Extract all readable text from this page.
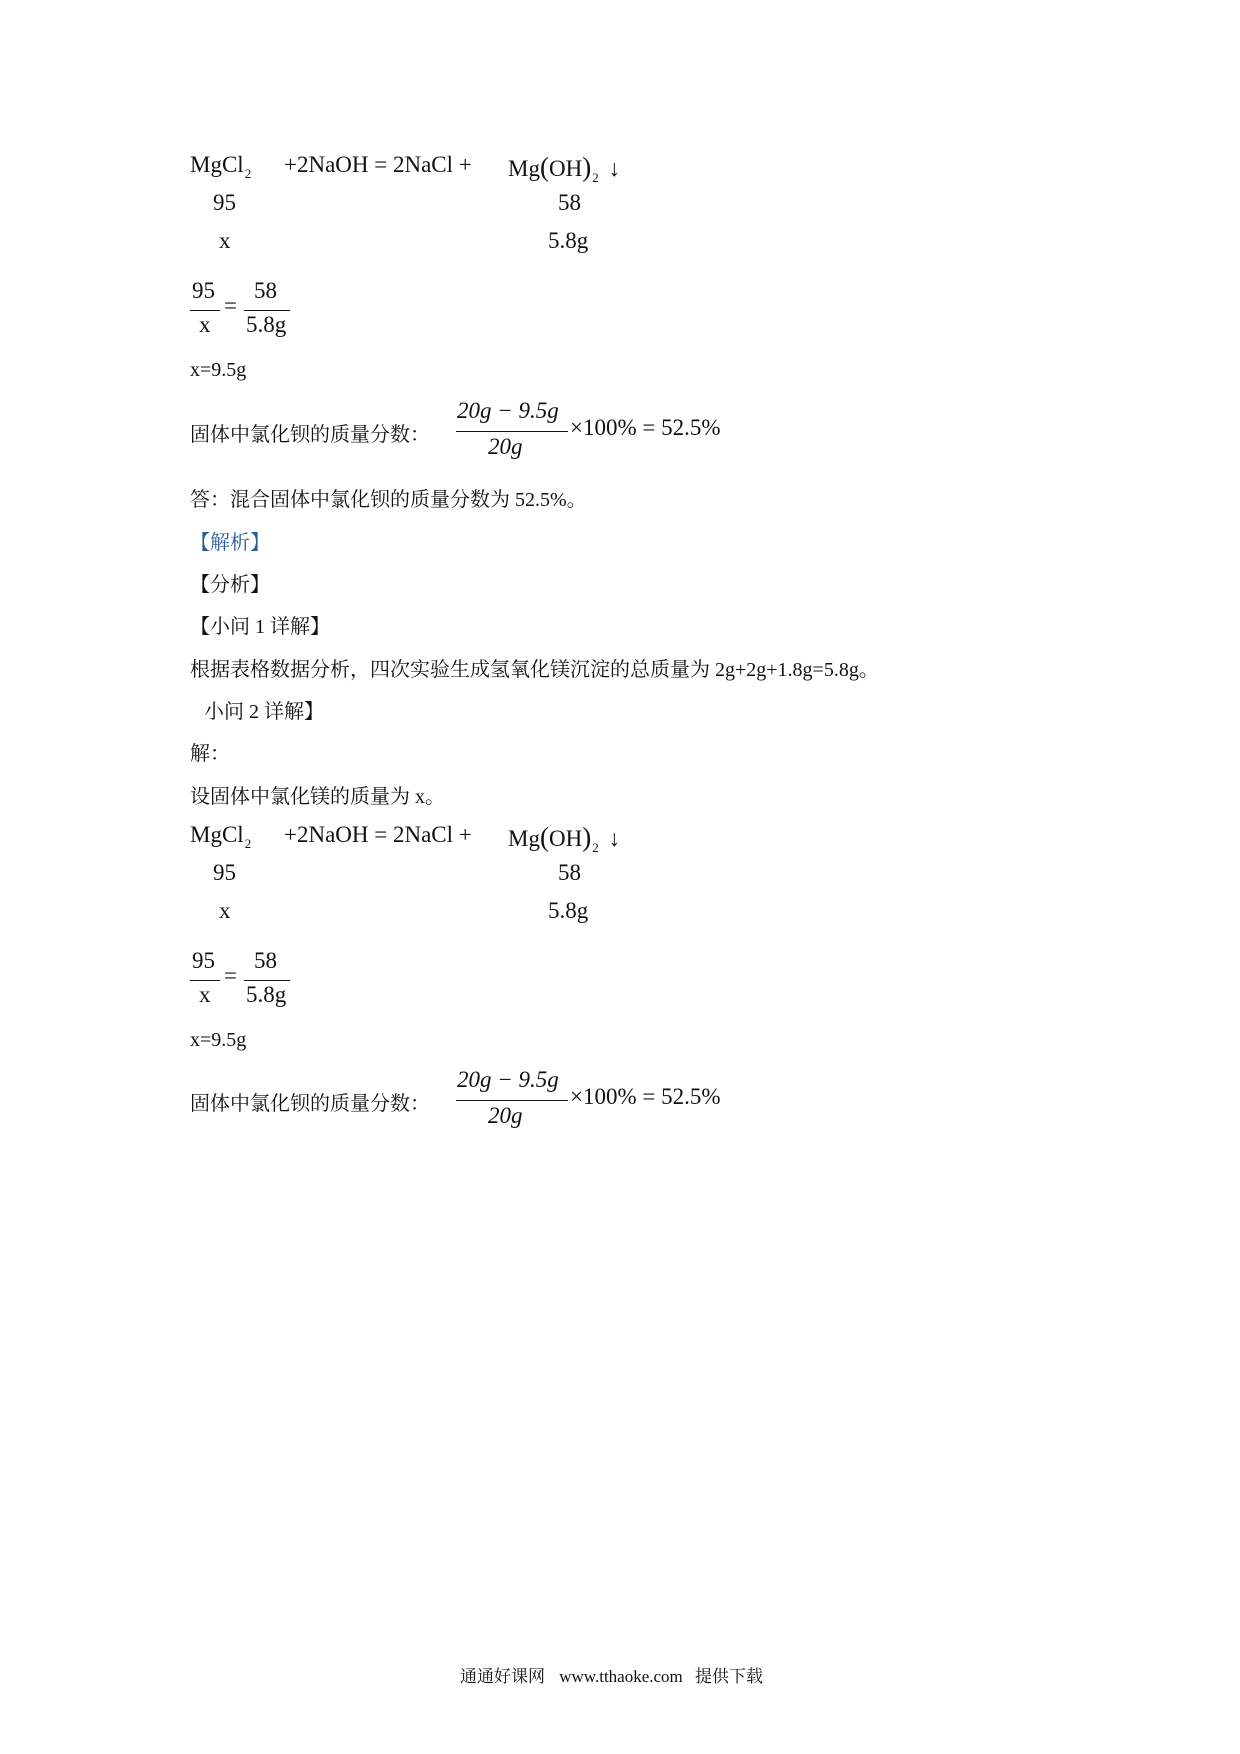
MgCl$_2$ +2NaOH = 2NaCl + $Mg(OH)_2$ ↓
95	58
x	5.8g
95
x
=
58
5.8g
x=9.5g
固体中氯化钡的质量分数：
20g − 9.5g
20g
×100% = 52.5%
答：混合固体中氯化钡的质量分数为 52.5%。
【解析】
【分析】
【小问 1 详解】
根据表格数据分析，四次实验生成氢氧化镁沉淀的总质量为 2g+2g+1.8g=5.8g。
小问 2 详解】
解：
设固体中氯化镁的质量为 x。
MgCl$_2$ +2NaOH = 2NaCl + $Mg(OH)_2$ ↓
95	58
x	5.8g
95
x
=
58
5.8g
x=9.5g
固体中氯化钡的质量分数：
20g − 9.5g
20g
×100% = 52.5%
通通好课网 www.tthaoke.com 提供下载
